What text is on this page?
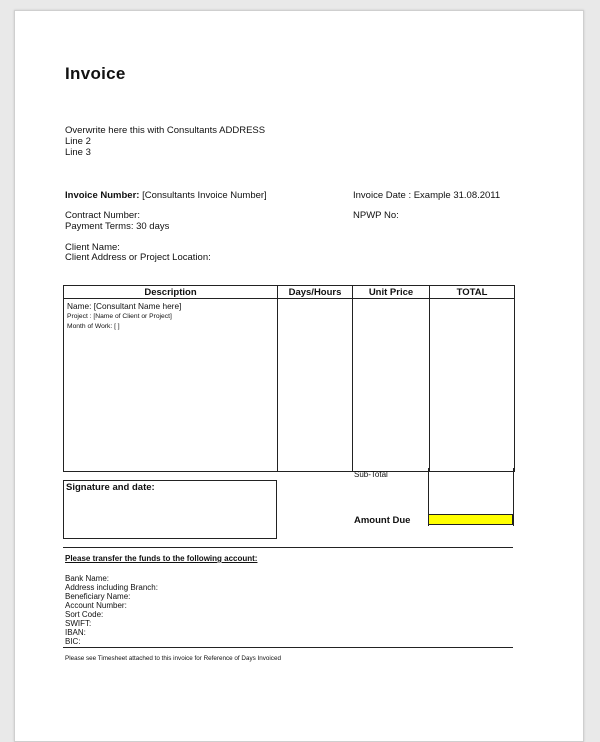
Invoice
Overwrite here this with Consultants ADDRESS
Line 2
Line 3
Invoice Number: [Consultants Invoice Number]	Invoice Date : Example 31.08.2011
Contract Number:	NPWP No:
Payment Terms: 30 days
Client Name:
Client Address or Project Location:
Description	Days/Hours	Unit Price	TOTAL

Name: [Consultant Name here]
Project : [Name of Client or Project]
Month of Work: [ ]			

Signature and date:
Sub-Total
Amount Due
Please transfer the funds to the following account:
Bank Name:
Address including Branch:
Beneficiary Name:
Account Number:
Sort Code:
SWIFT:
IBAN:
BIC:
Please see Timesheet attached to this invoice for Reference of Days Invoiced
